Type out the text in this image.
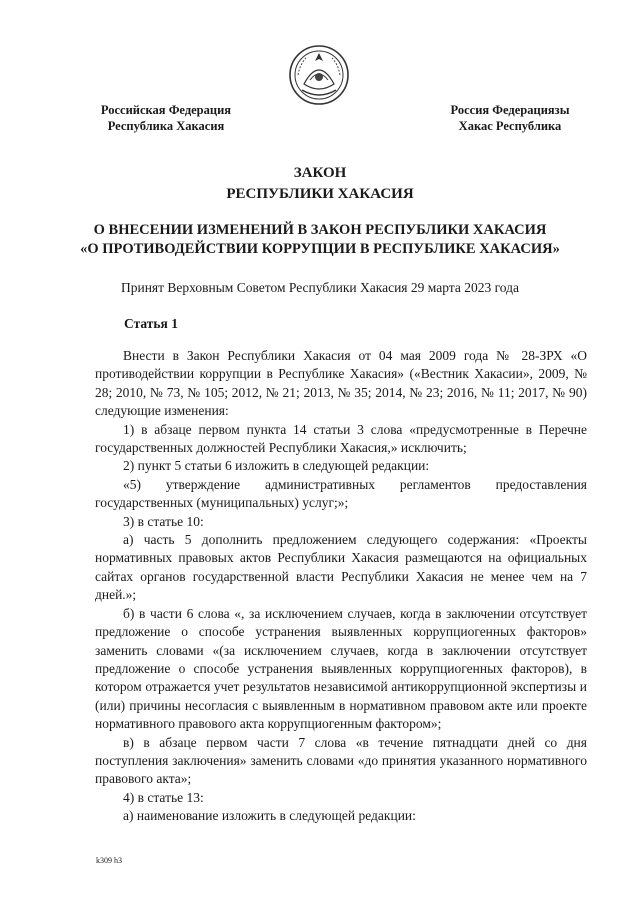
Российская Федерация
Республика Хакасия
Россия Федерациязы
Хакас Республика
ЗАКОН
РЕСПУБЛИКИ ХАКАСИЯ
О ВНЕСЕНИИ ИЗМЕНЕНИЙ В ЗАКОН РЕСПУБЛИКИ ХАКАСИЯ
«О ПРОТИВОДЕЙСТВИИ КОРРУПЦИИ В РЕСПУБЛИКЕ ХАКАСИЯ»
Принят Верховным Советом Республики Хакасия 29 марта 2023 года
Статья 1

Внести в Закон Республики Хакасия от 04 мая 2009 года № 28-ЗРХ «О противодействии коррупции в Республике Хакасия» («Вестник Хакасии», 2009, № 28; 2010, № 73, № 105; 2012, № 21; 2013, № 35; 2014, № 23; 2016, № 11; 2017, № 90) следующие изменения:

1) в абзаце первом пункта 14 статьи 3 слова «предусмотренные в Перечне государственных должностей Республики Хакасия,» исключить;

2) пункт 5 статьи 6 изложить в следующей редакции:

«5) утверждение административных регламентов предоставления государственных (муниципальных) услуг;»;

3) в статье 10:

а) часть 5 дополнить предложением следующего содержания: «Проекты нормативных правовых актов Республики Хакасия размещаются на официальных сайтах органов государственной власти Республики Хакасия не менее чем на 7 дней.»;

б) в части 6 слова «, за исключением случаев, когда в заключении отсутствует предложение о способе устранения выявленных коррупциогенных факторов» заменить словами «(за исключением случаев, когда в заключении отсутствует предложение о способе устранения выявленных коррупциогенных факторов), в котором отражается учет результатов независимой антикоррупционной экспертизы и (или) причины несогласия с выявленным в нормативном правовом акте или проекте нормативного правового акта коррупциогенным фактором»;

в) в абзаце первом части 7 слова «в течение пятнадцати дней со дня поступления заключения» заменить словами «до принятия указанного нормативного правового акта»;

4) в статье 13:

а) наименование изложить в следующей редакции:

k309 h3
